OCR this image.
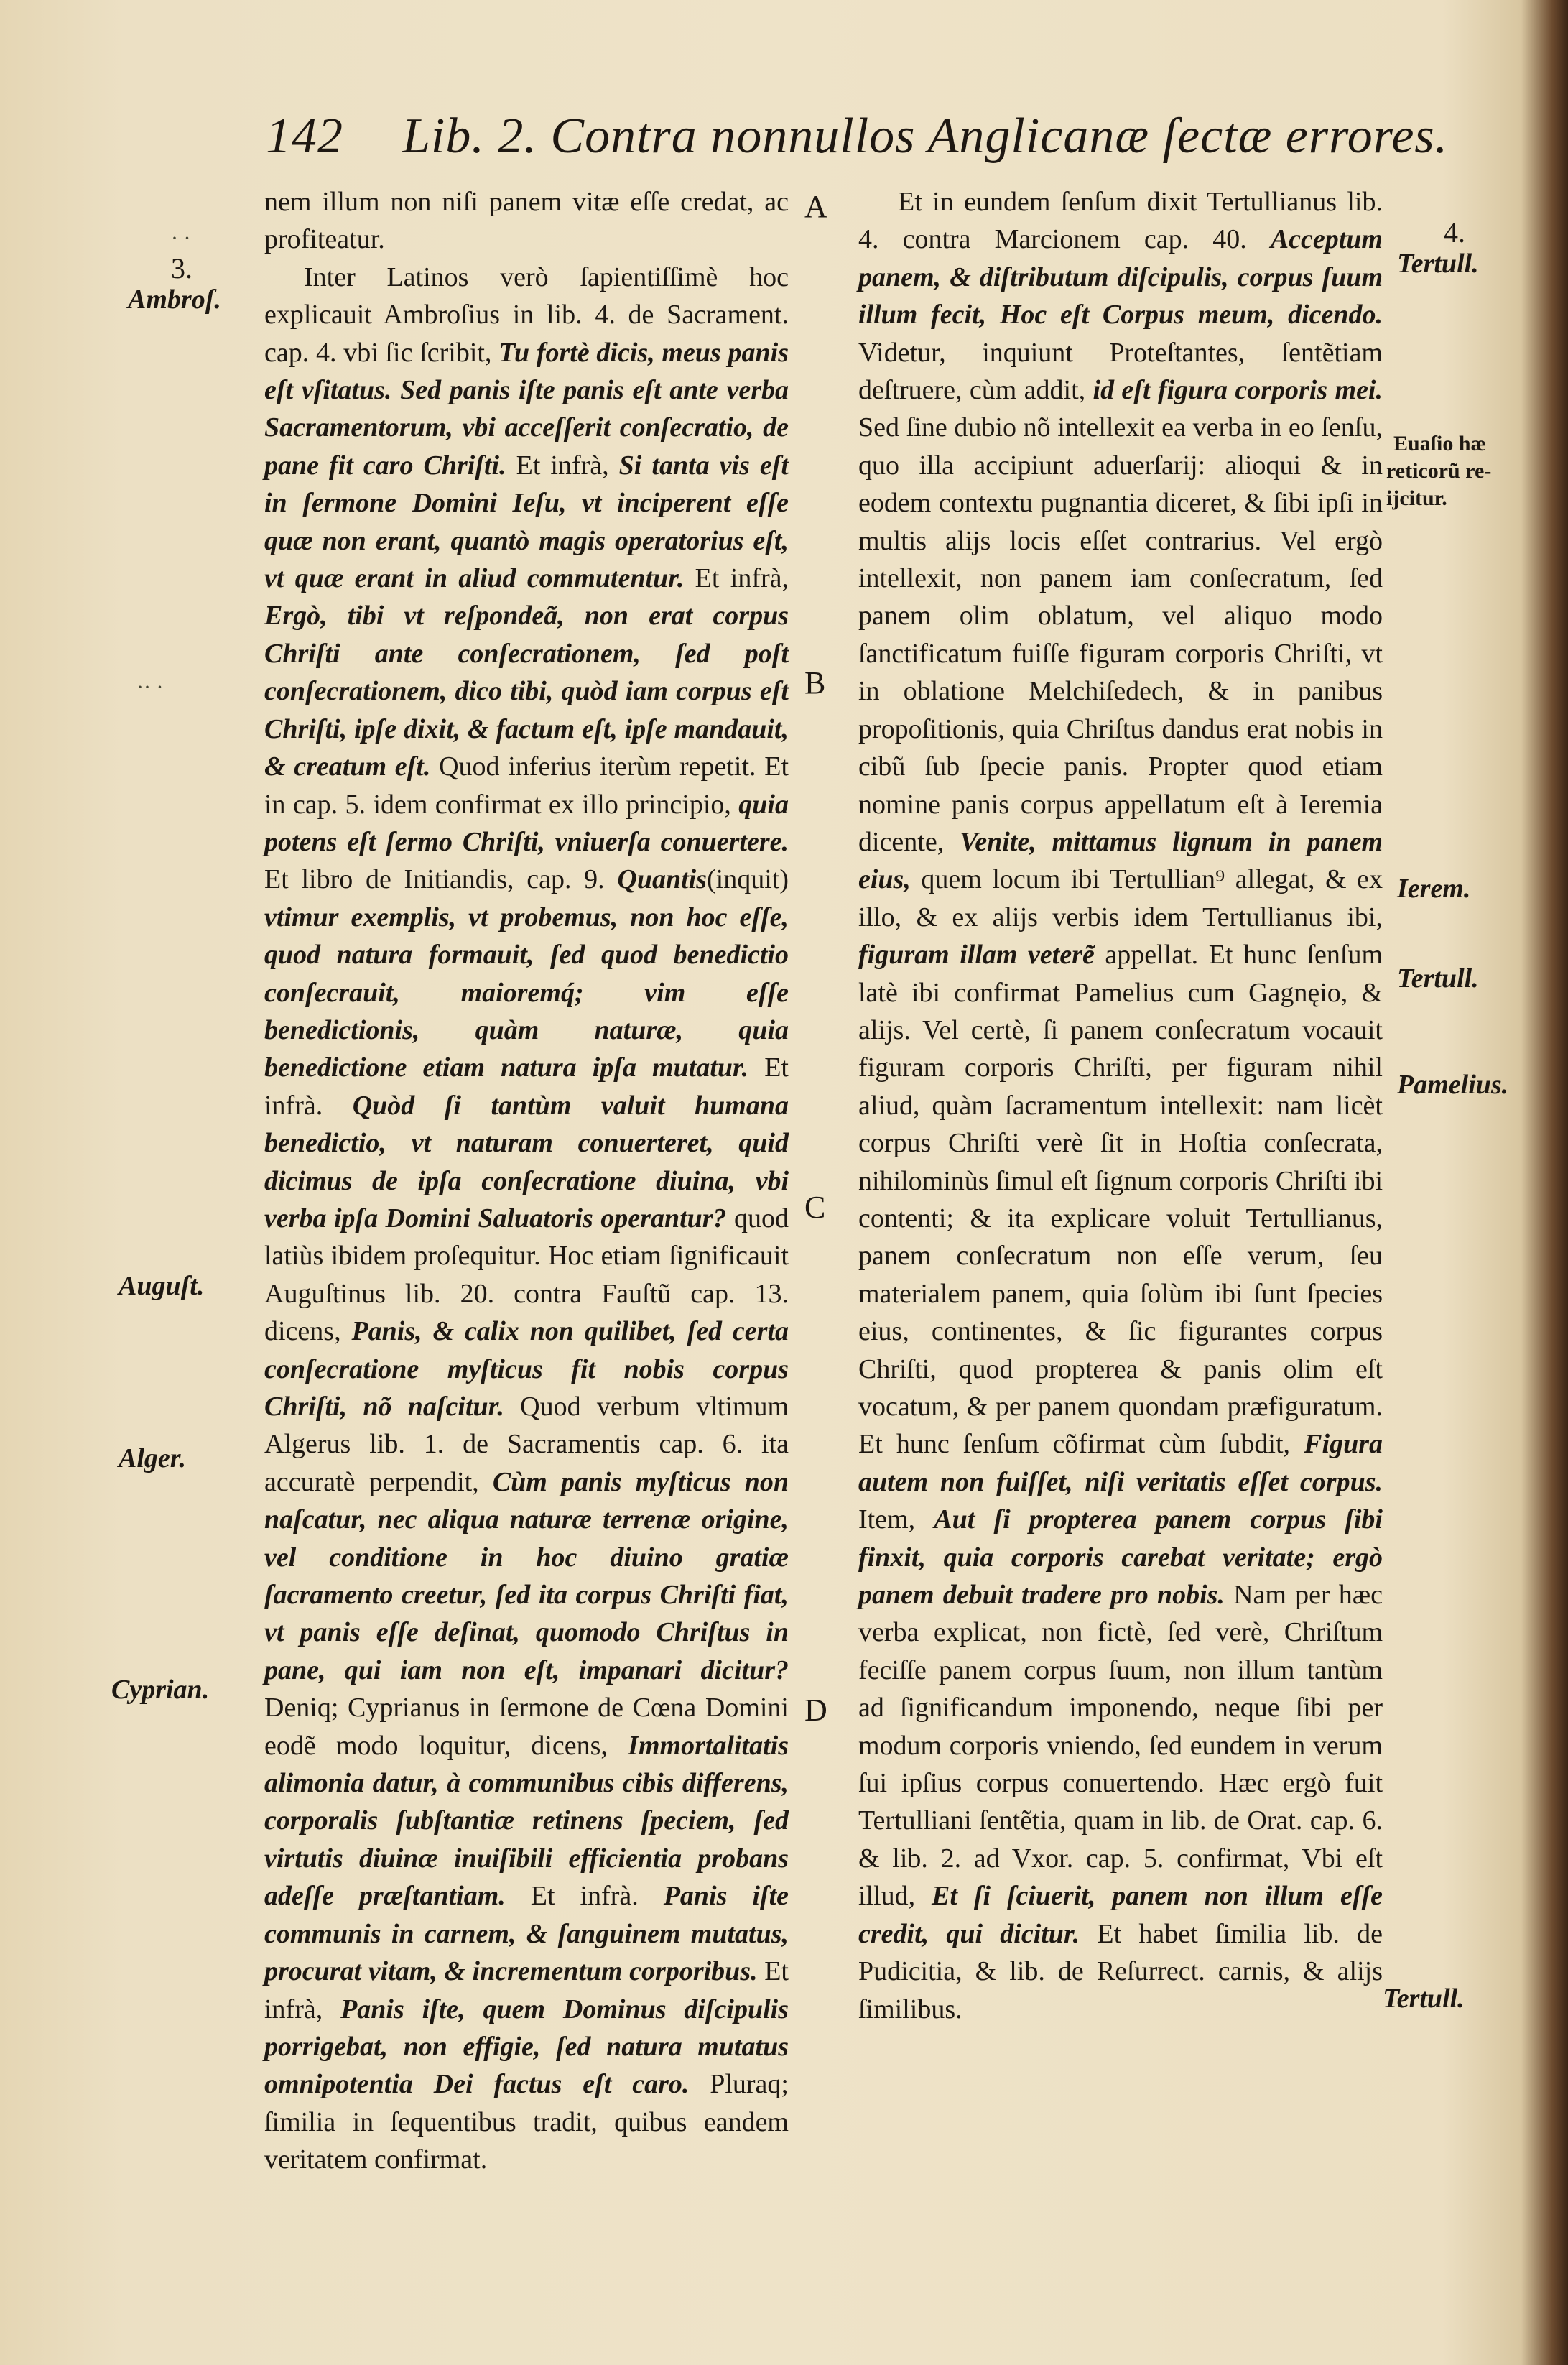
142 Lib. 2. Contra nonnullos Anglicanæ ſectæ errores.
A
B
C
D
· ·
3.
Ambroſ.
·· ·
Auguſt.
Alger.
Cyprian.
4.
Tertull.
Euaſio hæ
reticorũ re-
ijcitur.
Ierem.
Tertull.
Pamelius.
Tertull.

nem illum non niſi panem vitæ eſſe credat, ac profiteatur.

Inter Latinos verò ſapientiſſimè hoc explicauit Ambroſius in lib. 4. de Sacrament. cap. 4. vbi ſic ſcribit, Tu fortè dicis, meus panis eſt vſitatus. Sed panis iſte panis eſt ante verba Sacramentorum, vbi acceſſerit conſecratio, de pane fit caro Chriſti. Et infrà, Si tanta vis eſt in ſermone Domini Ieſu, vt inciperent eſſe quæ non erant, quantò magis operatorius eſt, vt quæ erant in aliud commutentur. Et infrà, Ergò, tibi vt reſpondeã, non erat corpus Chriſti ante conſecrationem, ſed poſt conſecrationem, dico tibi, quòd iam corpus eſt Chriſti, ipſe dixit, & factum eſt, ipſe mandauit, & creatum eſt. Quod inferius iterùm repetit. Et in cap. 5. idem confirmat ex illo principio, quia potens eſt ſermo Chriſti, vniuerſa conuertere. Et libro de Initiandis, cap. 9. Quantis(inquit) vtimur exemplis, vt probemus, non hoc eſſe, quod natura formauit, ſed quod benedictio conſecrauit, maioremq́; vim eſſe benedictionis, quàm naturæ, quia benedictione etiam natura ipſa mutatur. Et infrà. Quòd ſi tantùm valuit humana benedictio, vt naturam conuerteret, quid dicimus de ipſa conſecratione diuina, vbi verba ipſa Domini Saluatoris operantur? quod latiùs ibidem proſequitur. Hoc etiam ſignificauit Auguſtinus lib. 20. contra Fauſtũ cap. 13. dicens, Panis, & calix non quilibet, ſed certa conſecratione myſticus fit nobis corpus Chriſti, nõ naſcitur. Quod verbum vltimum Algerus lib. 1. de Sacramentis cap. 6. ita accuratè perpendit, Cùm panis myſticus non naſcatur, nec aliqua naturæ terrenæ origine, vel conditione in hoc diuino gratiæ ſacramento creetur, ſed ita corpus Chriſti fiat, vt panis eſſe deſinat, quomodo Chriſtus in pane, qui iam non eſt, impanari dicitur? Deniq; Cyprianus in ſermone de Cœna Domini eodẽ modo loquitur, dicens, Immortalitatis alimonia datur, à communibus cibis differens, corporalis ſubſtantiæ retinens ſpeciem, ſed virtutis diuinæ inuiſibili efficientia probans adeſſe præſtantiam. Et infrà. Panis iſte communis in carnem, & ſanguinem mutatus, procurat vitam, & incrementum corporibus. Et infrà, Panis iſte, quem Dominus diſcipulis porrigebat, non effigie, ſed natura mutatus omnipotentia Dei factus eſt caro. Pluraq; ſimilia in ſequentibus tradit, quibus eandem veritatem confirmat.

Et in eundem ſenſum dixit Tertullianus lib. 4. contra Marcionem cap. 40. Acceptum panem, & diſtributum diſcipulis, corpus ſuum illum fecit, Hoc eſt Corpus meum, dicendo. Videtur, inquiunt Proteſtantes, ſentẽtiam deſtruere, cùm addit, id eſt figura corporis mei. Sed ſine dubio nõ intellexit ea verba in eo ſenſu, quo illa accipiunt aduerſarij: alioqui & in eodem contextu pugnantia diceret, & ſibi ipſi in multis alijs locis eſſet contrarius. Vel ergò intellexit, non panem iam conſecratum, ſed panem olim oblatum, vel aliquo modo ſanctificatum fuiſſe figuram corporis Chriſti, vt in oblatione Melchiſedech, & in panibus propoſitionis, quia Chriſtus dandus erat nobis in cibũ ſub ſpecie panis. Propter quod etiam nomine panis corpus appellatum eſt à Ieremia dicente, Venite, mittamus lignum in panem eius, quem locum ibi Tertullian⁹ allegat, & ex illo, & ex alijs verbis idem Tertullianus ibi, figuram illam veterẽ appellat. Et hunc ſenſum latè ibi confirmat Pamelius cum Gagnęio, & alijs. Vel certè, ſi panem conſecratum vocauit figuram corporis Chriſti, per figuram nihil aliud, quàm ſacramentum intellexit: nam licèt corpus Chriſti verè ſit in Hoſtia conſecrata, nihilominùs ſimul eſt ſignum corporis Chriſti ibi contenti; & ita explicare voluit Tertullianus, panem conſecratum non eſſe verum, ſeu materialem panem, quia ſolùm ibi ſunt ſpecies eius, continentes, & ſic figurantes corpus Chriſti, quod propterea & panis olim eſt vocatum, & per panem quondam præfiguratum. Et hunc ſenſum cõfirmat cùm ſubdit, Figura autem non fuiſſet, niſi veritatis eſſet corpus. Item, Aut ſi propterea panem corpus ſibi finxit, quia corporis carebat veritate; ergò panem debuit tradere pro nobis. Nam per hæc verba explicat, non fictè, ſed verè, Chriſtum feciſſe panem corpus ſuum, non illum tantùm ad ſignificandum imponendo, neque ſibi per modum corporis vniendo, ſed eundem in verum ſui ipſius corpus conuertendo. Hæc ergò fuit Tertulliani ſentẽtia, quam in lib. de Orat. cap. 6. & lib. 2. ad Vxor. cap. 5. confirmat, Vbi eſt illud, Et ſi ſciuerit, panem non illum eſſe credit, qui dicitur. Et habet ſimilia lib. de Pudicitia, & lib. de Reſurrect. carnis, & alijs ſimilibus.
